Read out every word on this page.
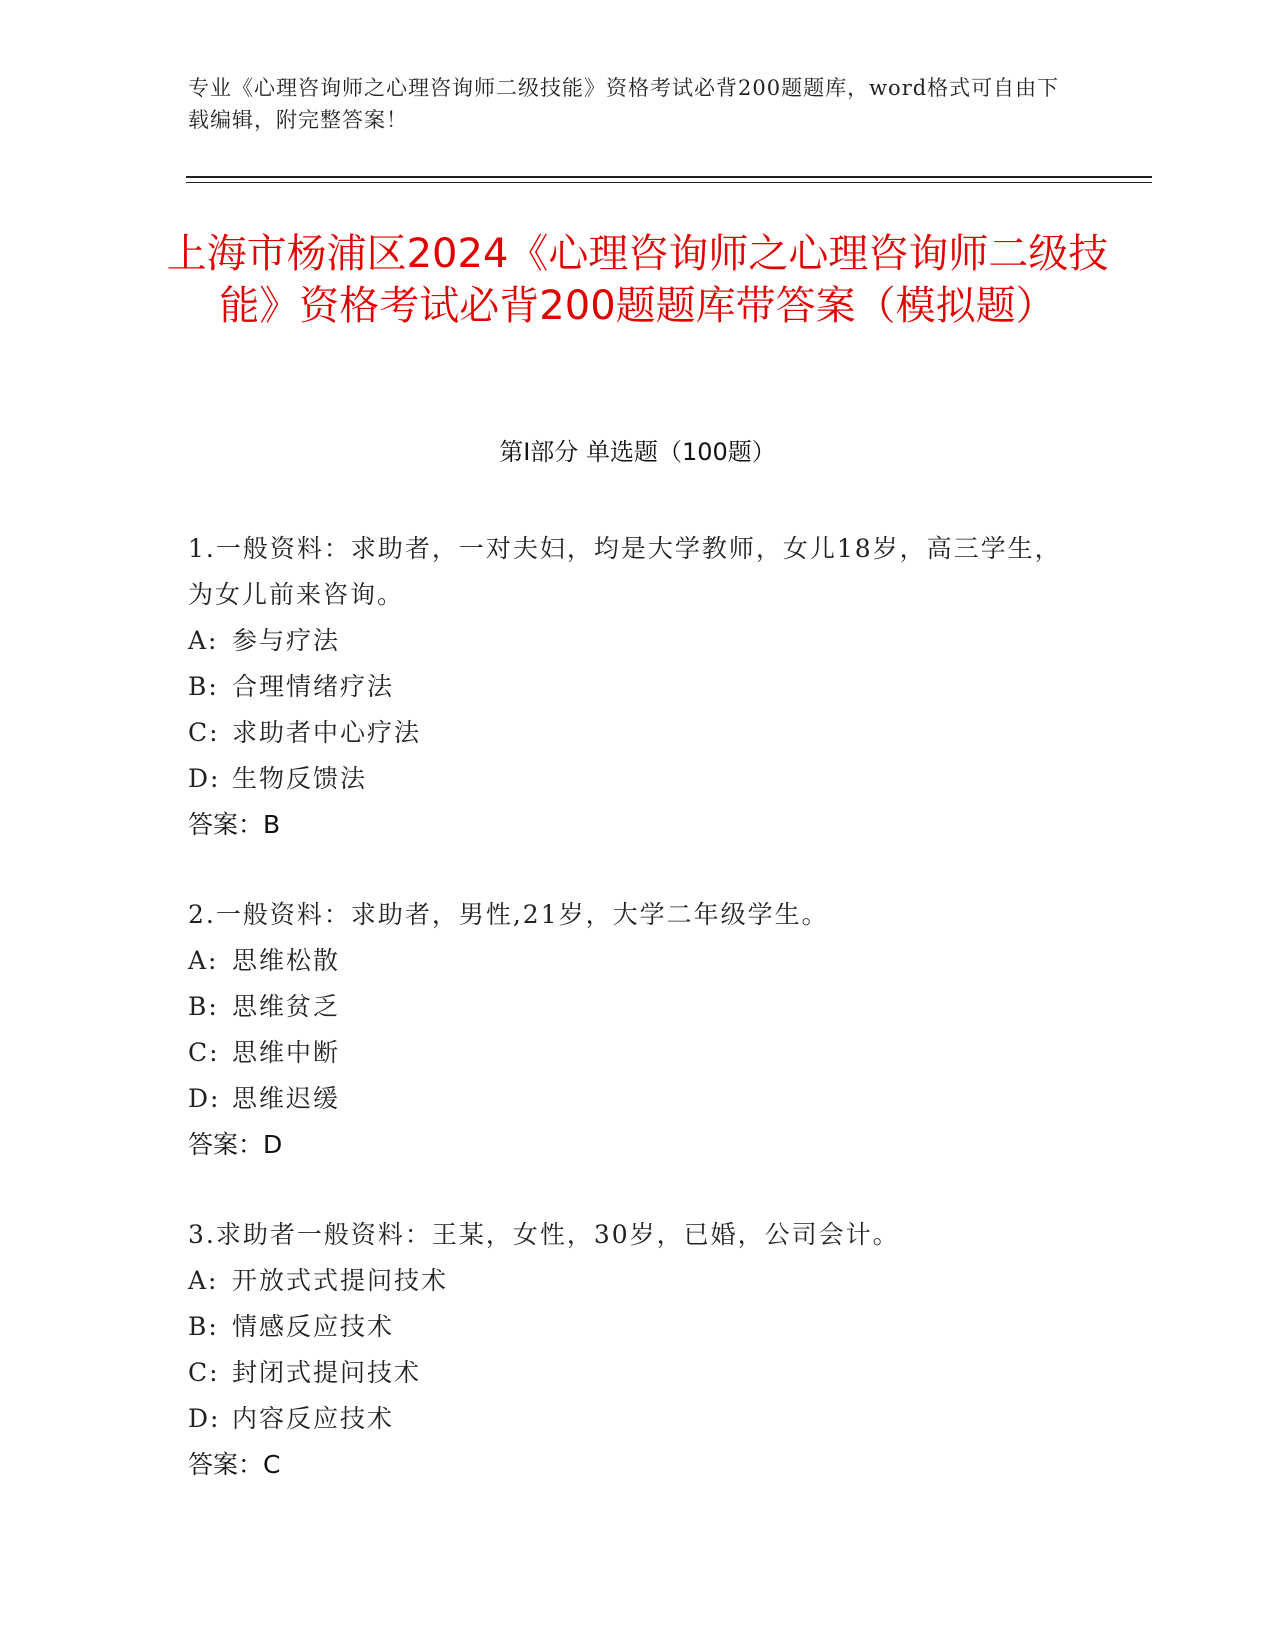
专业《心理咨询师之心理咨询师二级技能》资格考试必背200题题库，word格式可自由下载编辑，附完整答案！
上海市杨浦区2024《心理咨询师之心理咨询师二级技能》资格考试必背200题题库带答案（模拟题）
第Ⅰ部分 单选题（100题）

1.一般资料：求助者，一对夫妇，均是大学教师，女儿18岁，高三学生，为女儿前来咨询。

A: 参与疗法

B: 合理情绪疗法

C: 求助者中心疗法

D: 生物反馈法

答案：B

2.一般资料：求助者，男性,21岁，大学二年级学生。

A: 思维松散

B: 思维贫乏

C: 思维中断

D: 思维迟缓

答案：D

3.求助者一般资料：王某，女性，30岁，已婚，公司会计。

A: 开放式式提问技术

B: 情感反应技术

C: 封闭式提问技术

D: 内容反应技术

答案：C
